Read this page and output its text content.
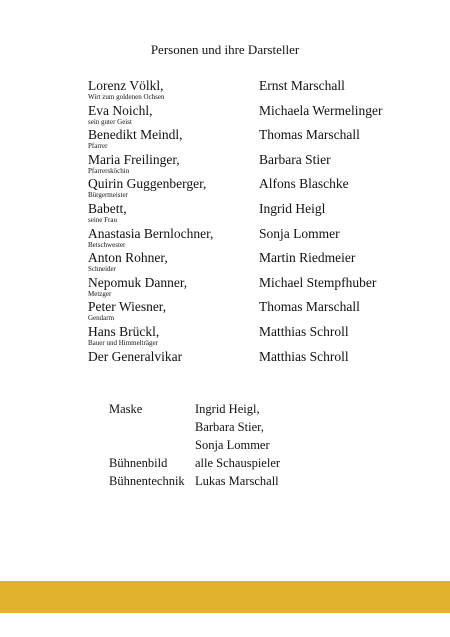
Personen und ihre Darsteller
Lorenz Völkl,
Wirt zum goldenen Ochsen
Ernst Marschall
Eva Noichl,
sein guter Geist
Michaela Wermelinger
Benedikt Meindl,
Pfarrer
Thomas Marschall
Maria Freilinger,
Pfarrersköchin
Barbara Stier
Quirin Guggenberger,
Bürgermeister
Alfons Blaschke
Babett,
seine Frau
Ingrid Heigl
Anastasia Bernlochner,
Betschwester
Sonja Lommer
Anton Rohner,
Schneider
Martin Riedmeier
Nepomuk Danner,
Metzger
Michael Stempfhuber
Peter Wiesner,
Gendarm
Thomas Marschall
Hans Brückl,
Bauer und Himmelträger
Matthias Schroll
Der Generalvikar	Matthias Schroll
Maske	Ingrid Heigl,
Barbara Stier,
Sonja Lommer
Bühnenbild alle Schauspieler
Bühnentechnik Lukas Marschall
